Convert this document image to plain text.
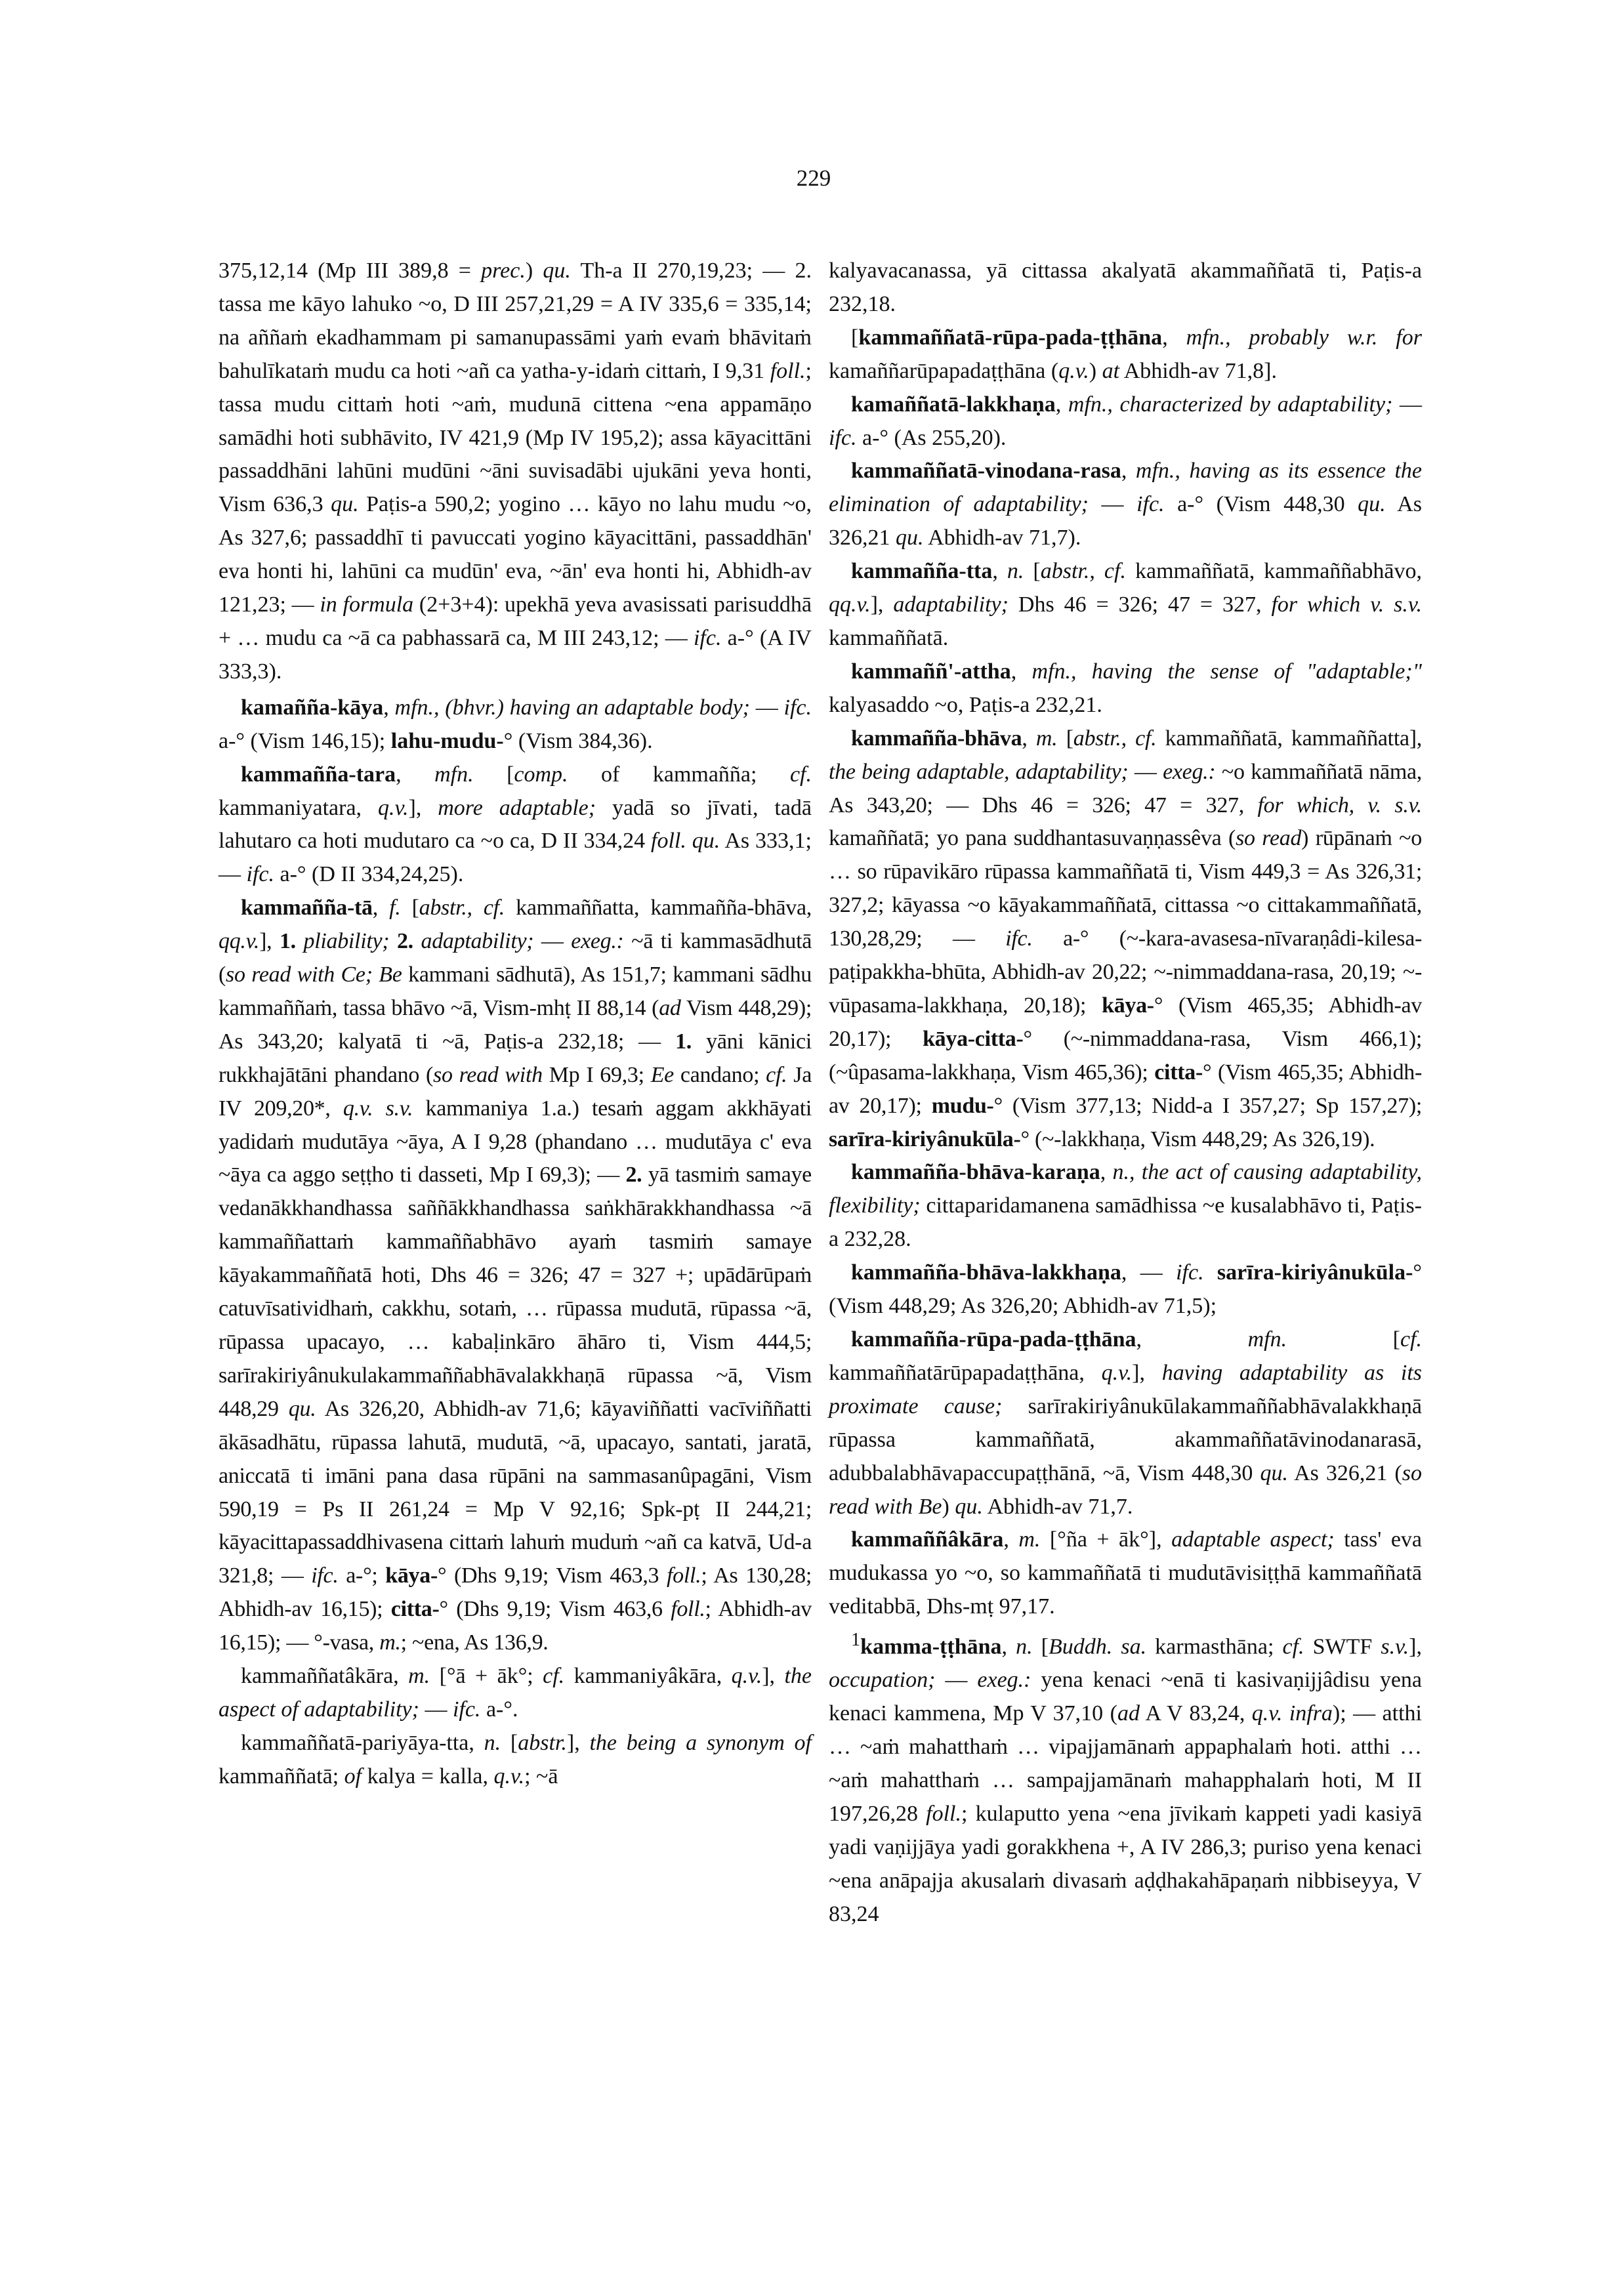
229

375,12,14 (Mp III 389,8 = prec.) qu. Th-a II 270,19,23; — 2. tassa me kāyo lahuko ~o, D III 257,21,29 = A IV 335,6 = 335,14; na aññaṁ ekadhammam pi samanupassāmi yaṁ evaṁ bhāvitaṁ bahulīkataṁ mudu ca hoti ~añ ca yatha-y-idaṁ cittaṁ, I 9,31 foll.; tassa mudu cittaṁ hoti ~aṁ, mudunā cittena ~ena appamāṇo samādhi hoti subhāvito, IV 421,9 (Mp IV 195,2); assa kāyacittāni passaddhāni lahūni mudūni ~āni suvisadābi ujukāni yeva honti, Vism 636,3 qu. Paṭis-a 590,2; yogino … kāyo no lahu mudu ~o, As 327,6; passaddhī ti pavuccati yogino kāyacittāni, passaddhān' eva honti hi, lahūni ca mudūn' eva, ~ān' eva honti hi, Abhidh-av 121,23; — in formula (2+3+4): upekhā yeva avasissati parisuddhā + … mudu ca ~ā ca pabhassarā ca, M III 243,12; — ifc. a-° (A IV 333,3).

kamañña-kāya, mfn., (bhvr.) having an adaptable body; — ifc. a-° (Vism 146,15); lahu-mudu-° (Vism 384,36).

kammañña-tara, mfn. [comp. of kammañña; cf. kammaniyatara, q.v.], more adaptable; yadā so jīvati, tadā lahutaro ca hoti mudutaro ca ~o ca, D II 334,24 foll. qu. As 333,1; — ifc. a-° (D II 334,24,25).

kammañña-tā, f. [abstr., cf. kammaññatta, kammañña-bhāva, qq.v.], 1. pliability; 2. adaptability; — exeg.: ~ā ti kammasādhutā (so read with Ce; Be kammani sādhutā), As 151,7; kammani sādhu kammaññaṁ, tassa bhāvo ~ā, Vism-mhṭ II 88,14 (ad Vism 448,29); As 343,20; kalyatā ti ~ā, Paṭis-a 232,18; — 1. yāni kānici rukkhajātāni phandano (so read with Mp I 69,3; Ee candano; cf. Ja IV 209,20*, q.v. s.v. kammaniya 1.a.) tesaṁ aggam akkhāyati yadidaṁ mudutāya ~āya, A I 9,28 (phandano … mudutāya c' eva ~āya ca aggo seṭṭho ti dasseti, Mp I 69,3); — 2. yā tasmiṁ samaye vedanākkhandhassa saññākkhandhassa saṅkhārakkhandhassa ~ā kammaññattaṁ kammaññabhāvo ayaṁ tasmiṁ samaye kāyakammaññatā hoti, Dhs 46 = 326; 47 = 327 +; upādārūpaṁ catuvīsatividhaṁ, cakkhu, sotaṁ, … rūpassa mudutā, rūpassa ~ā, rūpassa upacayo, … kabaḷinkāro āhāro ti, Vism 444,5; sarīrakiriyânukulakammaññabhāvalakkhaṇā rūpassa ~ā, Vism 448,29 qu. As 326,20, Abhidh-av 71,6; kāyaviññatti vacīviññatti ākāsadhātu, rūpassa lahutā, mudutā, ~ā, upacayo, santati, jaratā, aniccatā ti imāni pana dasa rūpāni na sammasanûpagāni, Vism 590,19 = Ps II 261,24 = Mp V 92,16; Spk-pṭ II 244,21; kāyacittapassaddhivasena cittaṁ lahuṁ muduṁ ~añ ca katvā, Ud-a 321,8; — ifc. a-°; kāya-° (Dhs 9,19; Vism 463,3 foll.; As 130,28; Abhidh-av 16,15); citta-° (Dhs 9,19; Vism 463,6 foll.; Abhidh-av 16,15); — °-vasa, m.; ~ena, As 136,9.

kammaññatâkāra, m. [°ā + āk°; cf. kammaniyâkāra, q.v.], the aspect of adaptability; — ifc. a-°.

kammaññatā-pariyāya-tta, n. [abstr.], the being a synonym of kammaññatā; of kalya = kalla, q.v.; ~ā

kalyavacanassa, yā cittassa akalyatā akammaññatā ti, Paṭis-a 232,18.

[kammaññatā-rūpa-pada-ṭṭhāna, mfn., probably w.r. for kamaññarūpapadaṭṭhāna (q.v.) at Abhidh-av 71,8].

kamaññatā-lakkhaṇa, mfn., characterized by adaptability; — ifc. a-° (As 255,20).

kammaññatā-vinodana-rasa, mfn., having as its essence the elimination of adaptability; — ifc. a-° (Vism 448,30 qu. As 326,21 qu. Abhidh-av 71,7).

kammañña-tta, n. [abstr., cf. kammaññatā, kammaññabhāvo, qq.v.], adaptability; Dhs 46 = 326; 47 = 327, for which v. s.v. kammaññatā.

kammaññ'-attha, mfn., having the sense of "adaptable;" kalyasaddo ~o, Paṭis-a 232,21.

kammañña-bhāva, m. [abstr., cf. kammaññatā, kammaññatta], the being adaptable, adaptability; — exeg.: ~o kammaññatā nāma, As 343,20; — Dhs 46 = 326; 47 = 327, for which, v. s.v. kamaññatā; yo pana suddhantasuvaṇṇassêva (so read) rūpānaṁ ~o … so rūpavikāro rūpassa kammaññatā ti, Vism 449,3 = As 326,31; 327,2; kāyassa ~o kāyakammaññatā, cittassa ~o cittakammaññatā, 130,28,29; — ifc. a-° (~-kara-avasesa-nīvaraṇâdi-kilesa-paṭipakkha-bhūta, Abhidh-av 20,22; ~-nimmaddana-rasa, 20,19; ~-vūpasama-lakkhaṇa, 20,18); kāya-° (Vism 465,35; Abhidh-av 20,17); kāya-citta-° (~-nimmaddana-rasa, Vism 466,1); (~ûpasama-lakkhaṇa, Vism 465,36); citta-° (Vism 465,35; Abhidh-av 20,17); mudu-° (Vism 377,13; Nidd-a I 357,27; Sp 157,27); sarīra-kiriyânukūla-° (~-lakkhaṇa, Vism 448,29; As 326,19).

kammañña-bhāva-karaṇa, n., the act of causing adaptability, flexibility; cittaparidamanena samādhissa ~e kusalabhāvo ti, Paṭis-a 232,28.

kammañña-bhāva-lakkhaṇa, — ifc. sarīra-kiriyânukūla-° (Vism 448,29; As 326,20; Abhidh-av 71,5);

kammañña-rūpa-pada-ṭṭhāna, mfn. [cf. kammaññatārūpapadaṭṭhāna, q.v.], having adaptability as its proximate cause; sarīrakiriyânukūlakammaññabhāvalakkhaṇā rūpassa kammaññatā, akammaññatāvinodanarasā, adubbalabhāvapaccupaṭṭhānā, ~ā, Vism 448,30 qu. As 326,21 (so read with Be) qu. Abhidh-av 71,7.

kammaññâkāra, m. [°ña + āk°], adaptable aspect; tass' eva mudukassa yo ~o, so kammaññatā ti mudutāvisiṭṭhā kammaññatā veditabbā, Dhs-mṭ 97,17.

$^1$kamma-ṭṭhāna, n. [Buddh. sa. karmasthāna; cf. SWTF s.v.], occupation; — exeg.: yena kenaci ~enā ti kasivaṇijjâdisu yena kenaci kammena, Mp V 37,10 (ad A V 83,24, q.v. infra); — atthi … ~aṁ mahatthaṁ … vipajjamānaṁ appaphalaṁ hoti. atthi … ~aṁ mahatthaṁ … sampajjamānaṁ mahapphalaṁ hoti, M II 197,26,28 foll.; kulaputto yena ~ena jīvikaṁ kappeti yadi kasiyā yadi vaṇijjāya yadi gorakkhena +, A IV 286,3; puriso yena kenaci ~ena anāpajja akusalaṁ divasaṁ aḍḍhakahāpaṇaṁ nibbiseyya, V 83,24
